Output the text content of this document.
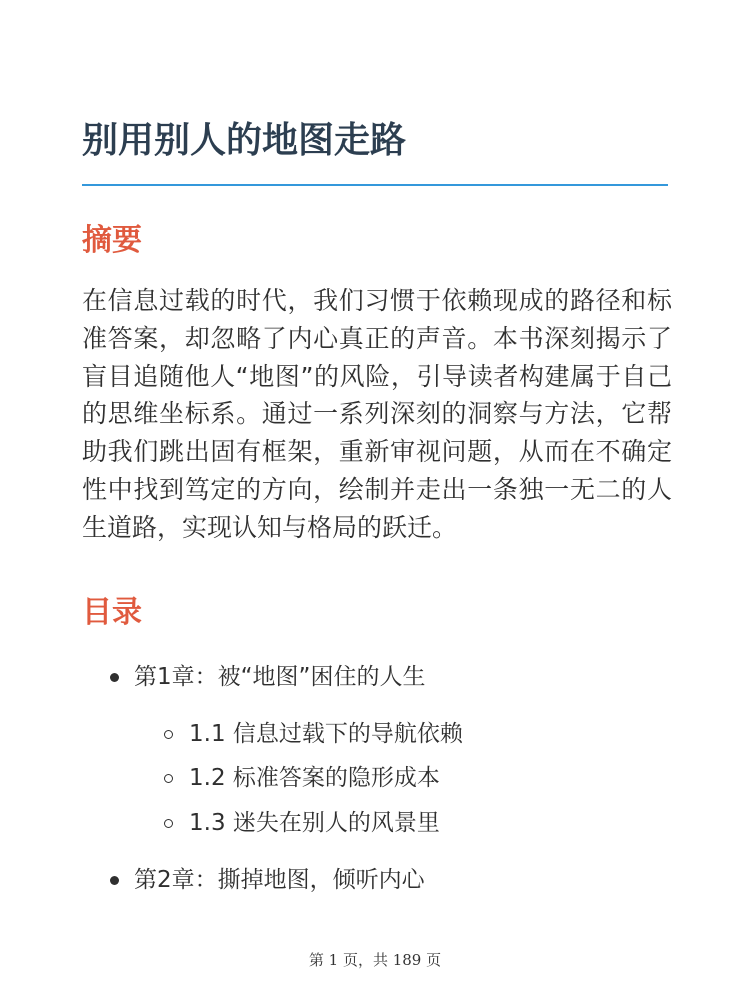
别用别人的地图走路
摘要

在信息过载的时代，我们习惯于依赖现成的路径和标准答案，却忽略了内心真正的声音。本书深刻揭示了盲目追随他人“地图”的风险，引导读者构建属于自己的思维坐标系。通过一系列深刻的洞察与方法，它帮助我们跳出固有框架，重新审视问题，从而在不确定性中找到笃定的方向，绘制并走出一条独一无二的人生道路，实现认知与格局的跃迁。

目录
第1章：被“地图”困住的人生
1.1 信息过载下的导航依赖
1.2 标准答案的隐形成本
1.3 迷失在别人的风景里
第2章：撕掉地图，倾听内心
第 1 页，共 189 页
